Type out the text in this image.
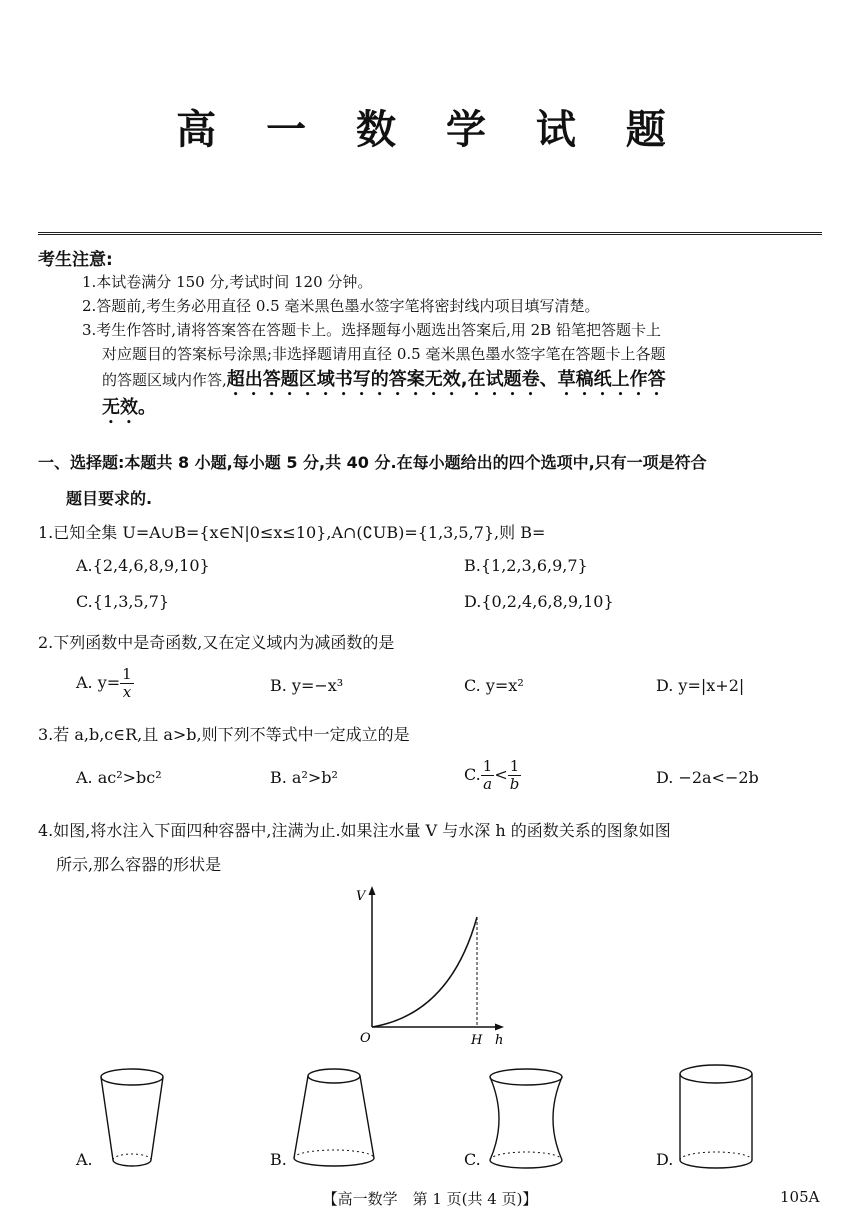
高 一 数 学 试 题
考生注意:
1.本试卷满分 150 分,考试时间 120 分钟。
2.答题前,考生务必用直径 0.5 毫米黑色墨水签字笔将密封线内项目填写清楚。
3.考生作答时,请将答案答在答题卡上。选择题每小题选出答案后,用 2B 铅笔把答题卡上
对应题目的答案标号涂黑;非选择题请用直径 0.5 毫米黑色墨水签字笔在答题卡上各题
的答题区域内作答,超出答题区域书写的答案无效,在试题卷、草稿纸上作答
无效。
一、选择题:本题共 8 小题,每小题 5 分,共 40 分.在每小题给出的四个选项中,只有一项是符合
题目要求的.
1.已知全集 U=A∪B={x∈N|0≤x≤10},A∩(∁UB)={1,3,5,7},则 B=
A.{2,4,6,8,9,10}	B.{1,2,3,6,9,7}
C.{1,3,5,7}	D.{0,2,4,6,8,9,10}
2.下列函数中是奇函数,又在定义域内为减函数的是
A. $y= \frac{1}{x}$	B. y=−x³	C. y=x²	D. y=|x+2|
3.若 a,b,c∈R,且 a>b,则下列不等式中一定成立的是
A. ac²>bc²	B. a²>b²	C. $\frac{1}{a} < \frac{1}{b}$	D. −2a<−2b
4.如图,将水注入下面四种容器中,注满为止.如果注水量 V 与水深 h 的函数关系的图象如图
所示,那么容器的形状是
V
O	H h
A.	B.	C.	D.
【高一数学　第 1 页(共 4 页)】	105A
